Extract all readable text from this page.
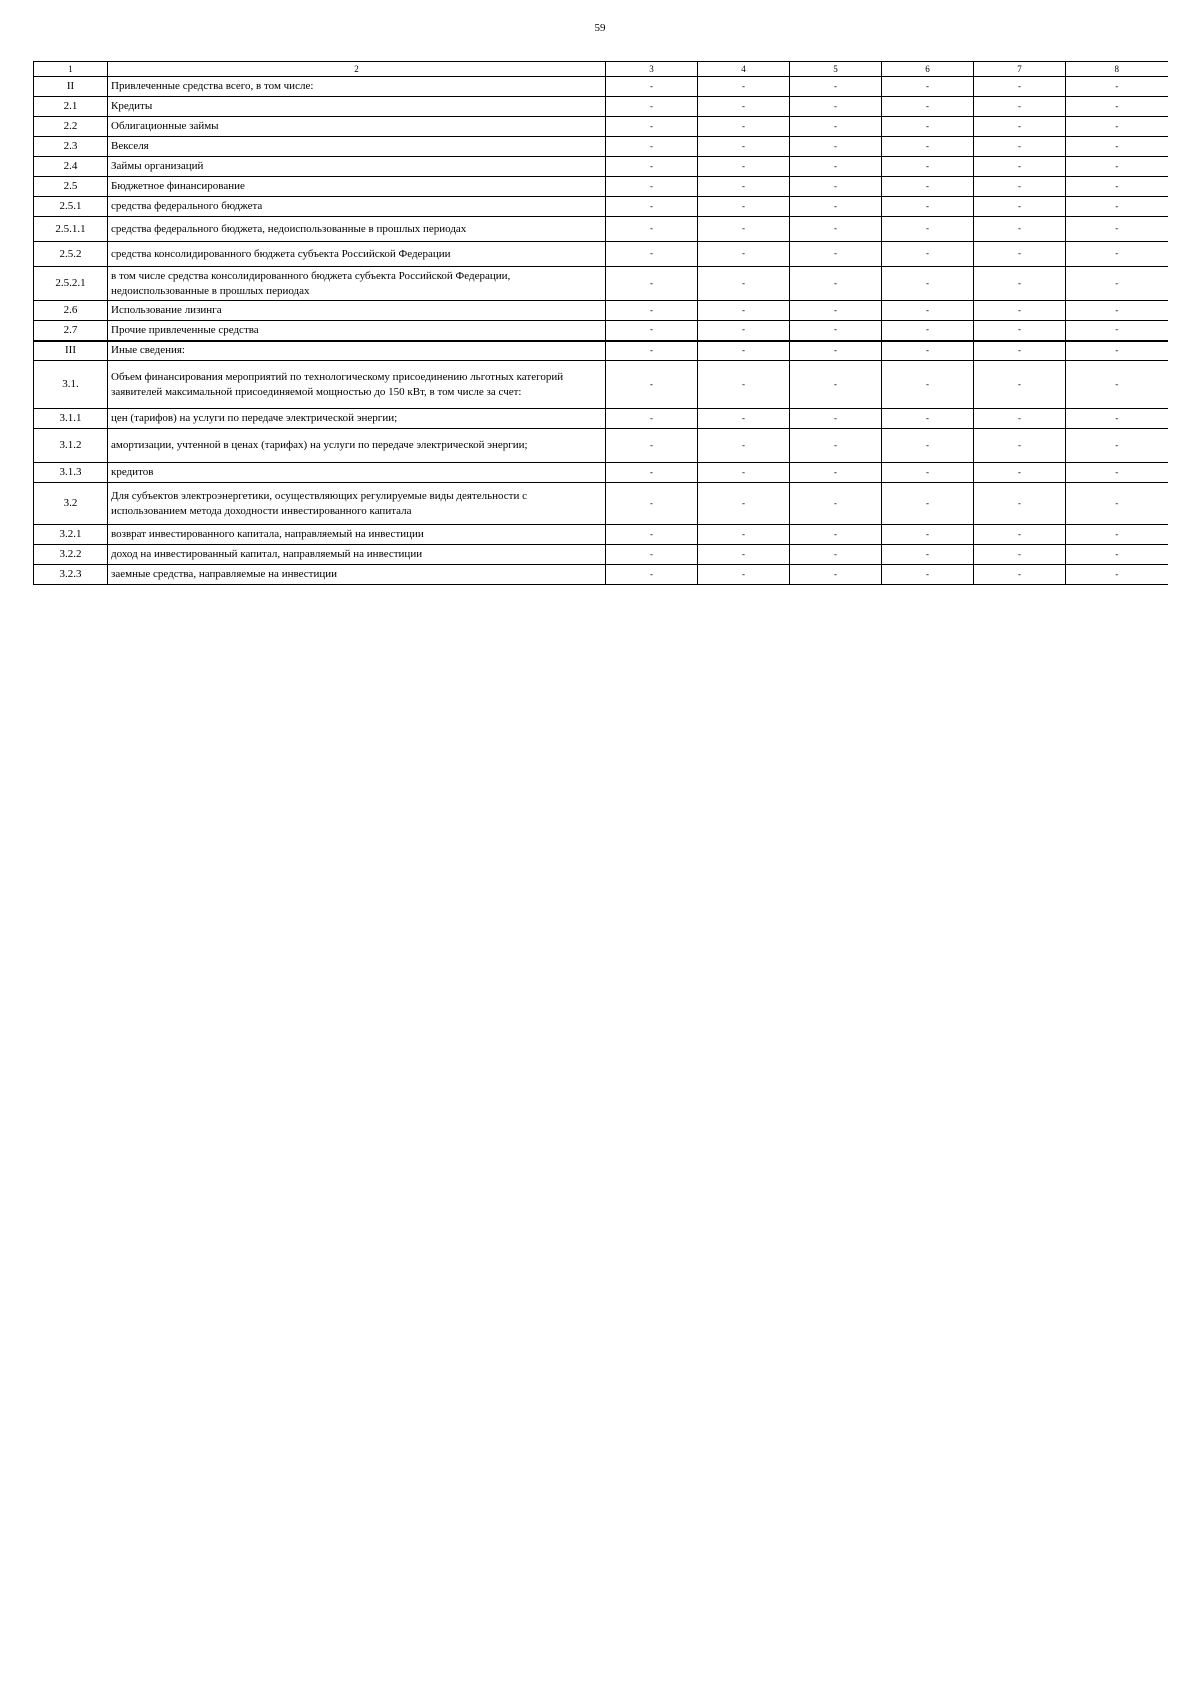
59
1	2	3	4	5	6	7	8
II	Привлеченные средства всего, в том числе:	-	-	-	-	-	-
2.1	Кредиты	-	-	-	-	-	-
2.2	Облигационные займы	-	-	-	-	-	-
2.3	Векселя	-	-	-	-	-	-
2.4	Займы организаций	-	-	-	-	-	-
2.5	Бюджетное финансирование	-	-	-	-	-	-
2.5.1	средства федерального бюджета	-	-	-	-	-	-
2.5.1.1	средства федерального бюджета, недоиспользованные в прошлых периодах	-	-	-	-	-	-
2.5.2	средства консолидированного бюджета субъекта Российской Федерации	-	-	-	-	-	-
2.5.2.1	в том числе средства консолидированного бюджета субъекта Российской Федерации, недоиспользованные в прошлых периодах	-	-	-	-	-	-
2.6	Использование лизинга	-	-	-	-	-	-
2.7	Прочие привлеченные средства	-	-	-	-	-	-
III	Иные сведения:	-	-	-	-	-	-
3.1.	Объем финансирования мероприятий по технологическому присоединению льготных категорий заявителей максимальной присоединяемой мощностью до 150 кВт, в том числе за счет:	-	-	-	-	-	-
3.1.1	цен (тарифов) на услуги по передаче электрической энергии;	-	-	-	-	-	-
3.1.2	амортизации, учтенной в ценах (тарифах) на услуги по передаче электрической энергии;	-	-	-	-	-	-
3.1.3	кредитов	-	-	-	-	-	-
3.2	Для субъектов электроэнергетики, осуществляющих регулируемые виды деятельности с использованием метода доходности инвестированного капитала	-	-	-	-	-	-
3.2.1	возврат инвестированного капитала, направляемый на инвестиции	-	-	-	-	-	-
3.2.2	доход на инвестированный капитал, направляемый на инвестиции	-	-	-	-	-	-
3.2.3	заемные средства, направляемые на инвестиции	-	-	-	-	-	-
